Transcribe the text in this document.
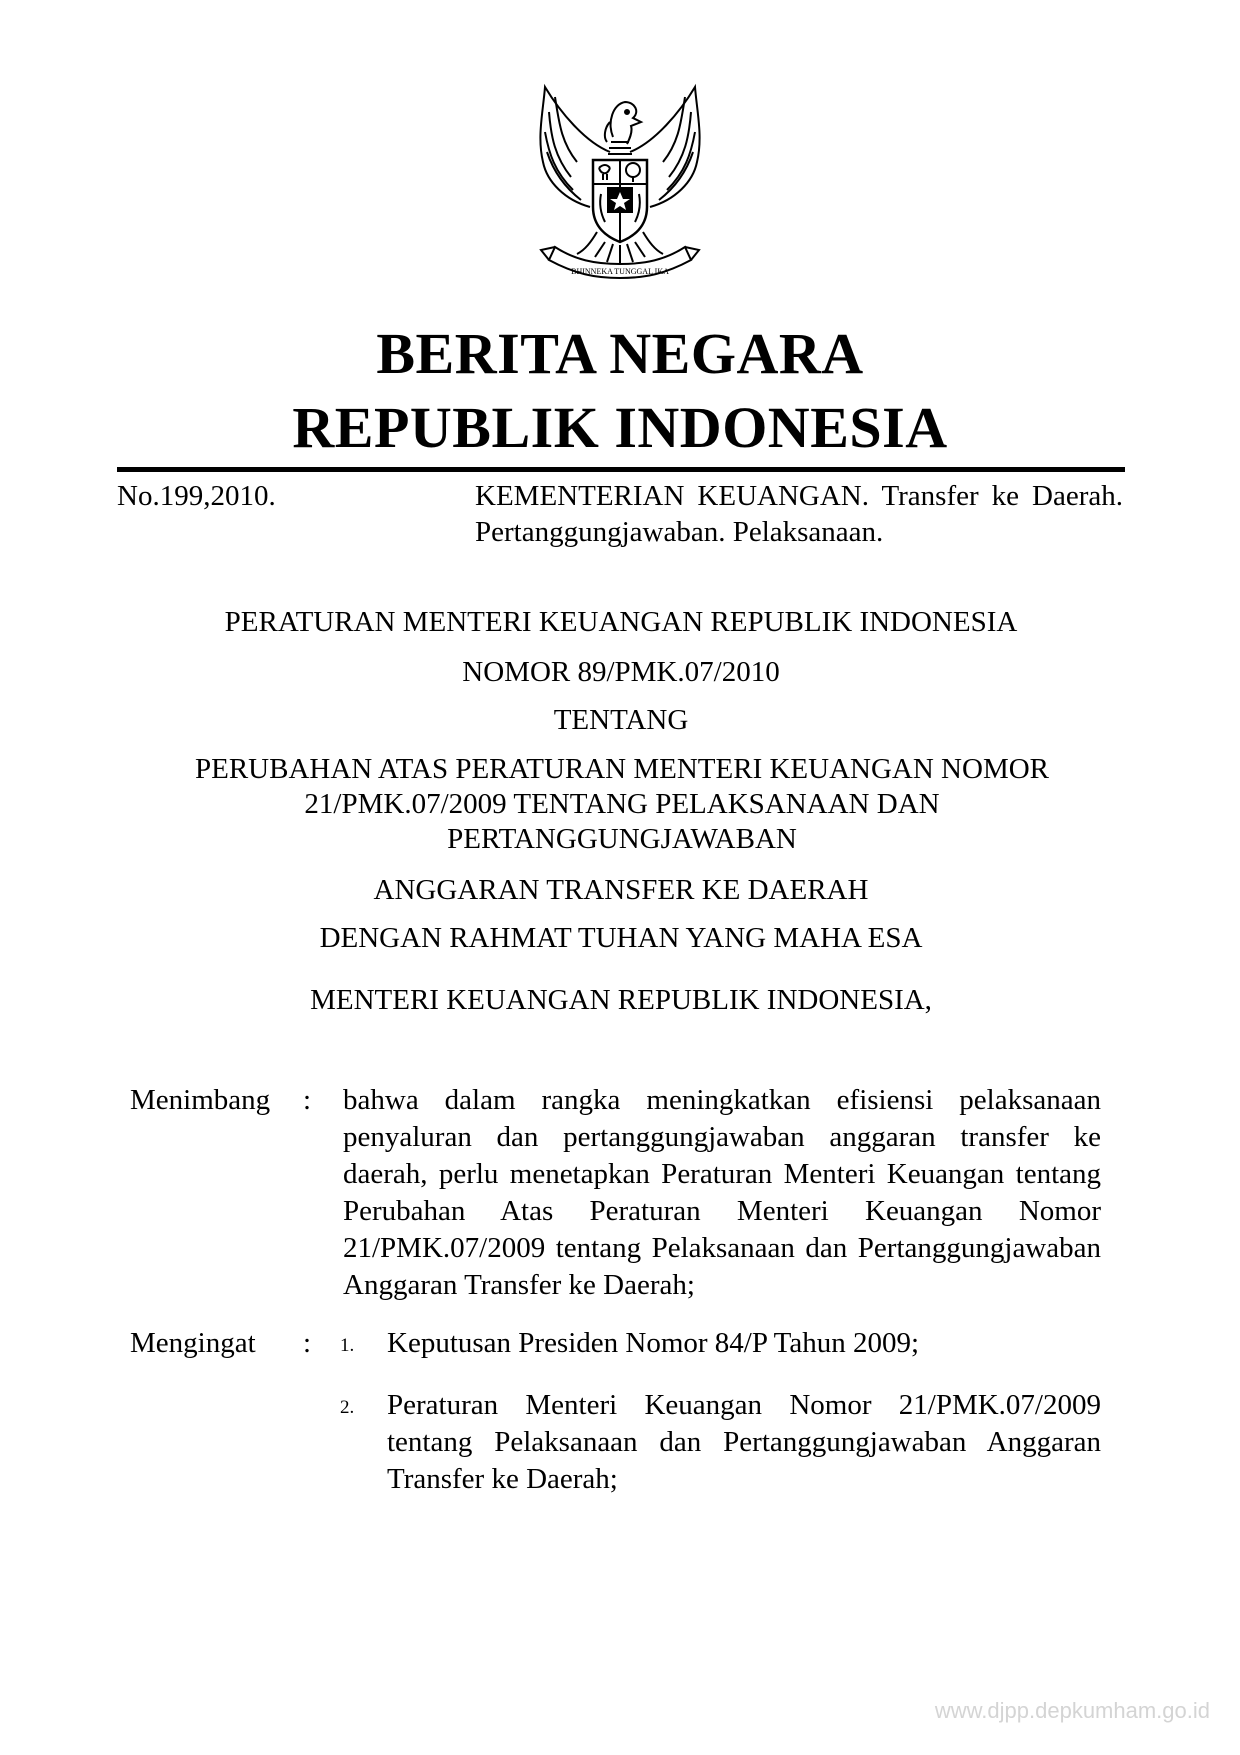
BHINNEKA TUNGGAL IKA
BERITA NEGARA
REPUBLIK INDONESIA
No.199,2010.	KEMENTERIAN KEUANGAN. Transfer ke Daerah. Pertanggungjawaban. Pelaksanaan.
PERATURAN MENTERI KEUANGAN REPUBLIK INDONESIA
NOMOR 89/PMK.07/2010
TENTANG
PERUBAHAN ATAS PERATURAN MENTERI KEUANGAN NOMOR 21/PMK.07/2009 TENTANG PELAKSANAAN DAN PERTANGGUNGJAWABAN
ANGGARAN TRANSFER KE DAERAH
DENGAN RAHMAT TUHAN YANG MAHA ESA
MENTERI KEUANGAN REPUBLIK INDONESIA,
Menimbang : bahwa dalam rangka meningkatkan efisiensi pelaksanaan penyaluran dan pertanggungjawaban anggaran transfer ke daerah, perlu menetapkan Peraturan Menteri Keuangan tentang Perubahan Atas Peraturan Menteri Keuangan Nomor 21/PMK.07/2009 tentang Pelaksanaan dan Pertanggungjawaban Anggaran Transfer ke Daerah;
Mengingat : 1. Keputusan Presiden Nomor 84/P Tahun 2009;
2. Peraturan Menteri Keuangan Nomor 21/PMK.07/2009 tentang Pelaksanaan dan Pertanggungjawaban Anggaran Transfer ke Daerah;
www.djpp.depkumham.go.id
